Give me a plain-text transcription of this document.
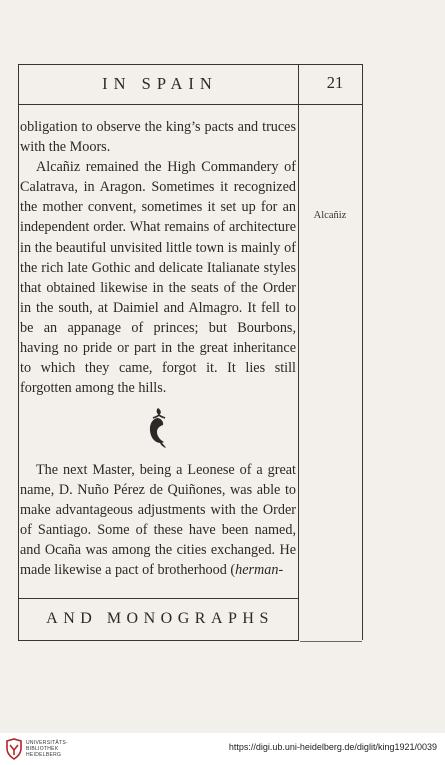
IN SPAIN	21

obligation to observe the king’s pacts and truces with the Moors.

Alcañiz remained the High Commandery of Calatrava, in Aragon. Sometimes it recognized the mother convent, sometimes it set up for an independent order. What remains of architecture in the beautiful unvisited little town is mainly of the rich late Gothic and delicate Italianate styles that obtained likewise in the seats of the Order in the south, at Daimiel and Almagro. It fell to be an appanage of princes; but Bourbons, having no pride or part in the great inheritance to which they came, forgot it. It lies still forgotten among the hills.

Alcañiz

The next Master, being a Leonese of a great name, D. Nuño Pérez de Quiñones, was able to make advantageous adjustments with the Order of Santiago. Some of these have been named, and Ocaña was among the cities exchanged. He made likewise a pact of brotherhood (herman-

AND MONOGRAPHS
UNIVERSITÄTS-
BIBLIOTHEK
HEIDELBERG
https://digi.ub.uni-heidelberg.de/diglit/king1921/0039
